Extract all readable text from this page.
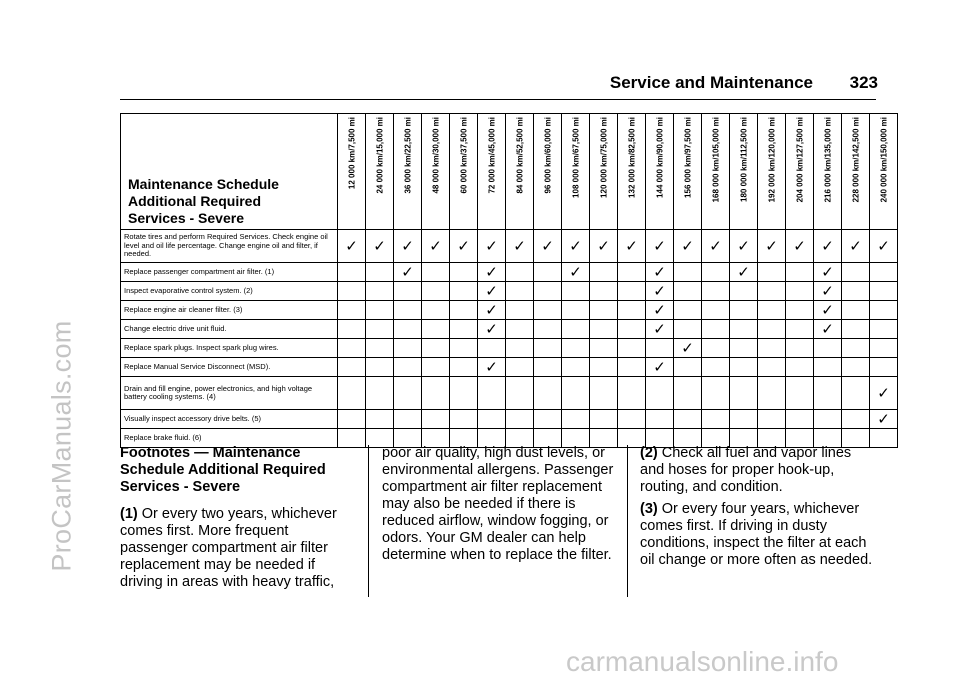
ProCarManuals.com
Service and Maintenance 323
Maintenance Schedule
Additional Required
Services - Severe	12 000 km/7,500 mi	24 000 km/15,000 mi	36 000 km/22,500 mi	48 000 km/30,000 mi	60 000 km/37,500 mi	72 000 km/45,000 mi	84 000 km/52,500 mi	96 000 km/60,000 mi	108 000 km/67,500 mi	120 000 km/75,000 mi	132 000 km/82,500 mi	144 000 km/90,000 mi	156 000 km/97,500 mi	168 000 km/105,000 mi	180 000 km/112,500 mi	192 000 km/120,000 mi	204 000 km/127,500 mi	216 000 km/135,000 mi	228 000 km/142,500 mi	240 000 km/150,000 mi

Rotate tires and perform Required Services. Check engine oil level and oil life percentage. Change engine oil and filter, if needed.	✓	✓	✓	✓	✓	✓	✓	✓	✓	✓	✓	✓	✓	✓	✓	✓	✓	✓	✓	✓
Replace passenger compartment air filter. (1)			✓			✓			✓			✓			✓			✓		
Inspect evaporative control system. (2)						✓						✓						✓		
Replace engine air cleaner filter. (3)						✓						✓						✓		
Change electric drive unit fluid.						✓						✓						✓		
Replace spark plugs. Inspect spark plug wires.													✓							
Replace Manual Service Disconnect (MSD).						✓						✓								
Drain and fill engine, power electronics, and high voltage battery cooling systems. (4)																				✓
Visually inspect accessory drive belts. (5)																				✓
Replace brake fluid. (6)																				

Footnotes — Maintenance Schedule Additional Required Services - Severe

(1) Or every two years, whichever comes first. More frequent passenger compartment air filter replacement may be needed if driving in areas with heavy traffic,

poor air quality, high dust levels, or environmental allergens. Passenger compartment air filter replacement may also be needed if there is reduced airflow, window fogging, or odors. Your GM dealer can help determine when to replace the filter.

(2) Check all fuel and vapor lines and hoses for proper hook-up, routing, and condition.

(3) Or every four years, whichever comes first. If driving in dusty conditions, inspect the filter at each oil change or more often as needed.

carmanualsonline.info
